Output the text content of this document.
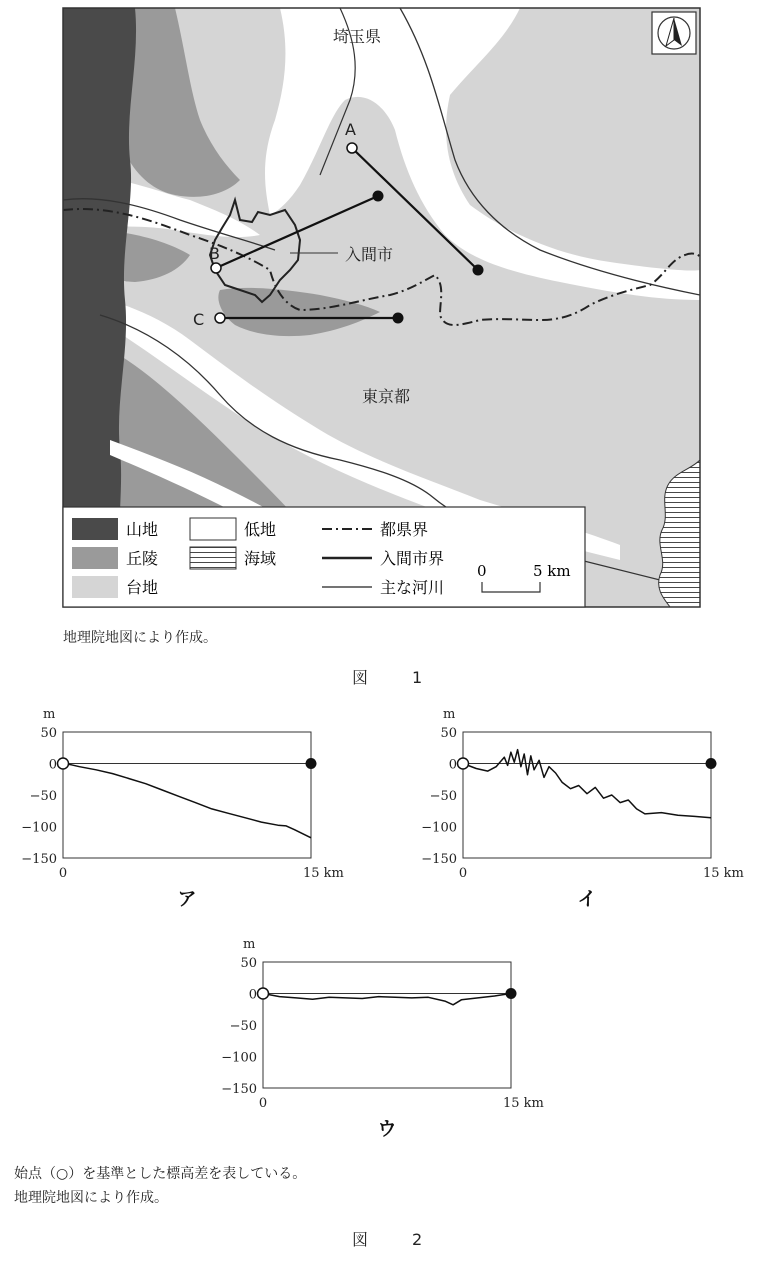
埼玉県
東京都
入間市
A
B
C
山地
丘陵
台地
低地
海域
都県界
入間市界
主な河川
0	5 km
地理院地図により作成。
図　1
m
50
0
−50
−100
−150
0	15 km
ア
m
50
0
−50
−100
−150
0	15 km
イ
m
50
0
−50
−100
−150
0	15 km
ウ
始点（○）を基準とした標高差を表している。
地理院地図により作成。
図　2
